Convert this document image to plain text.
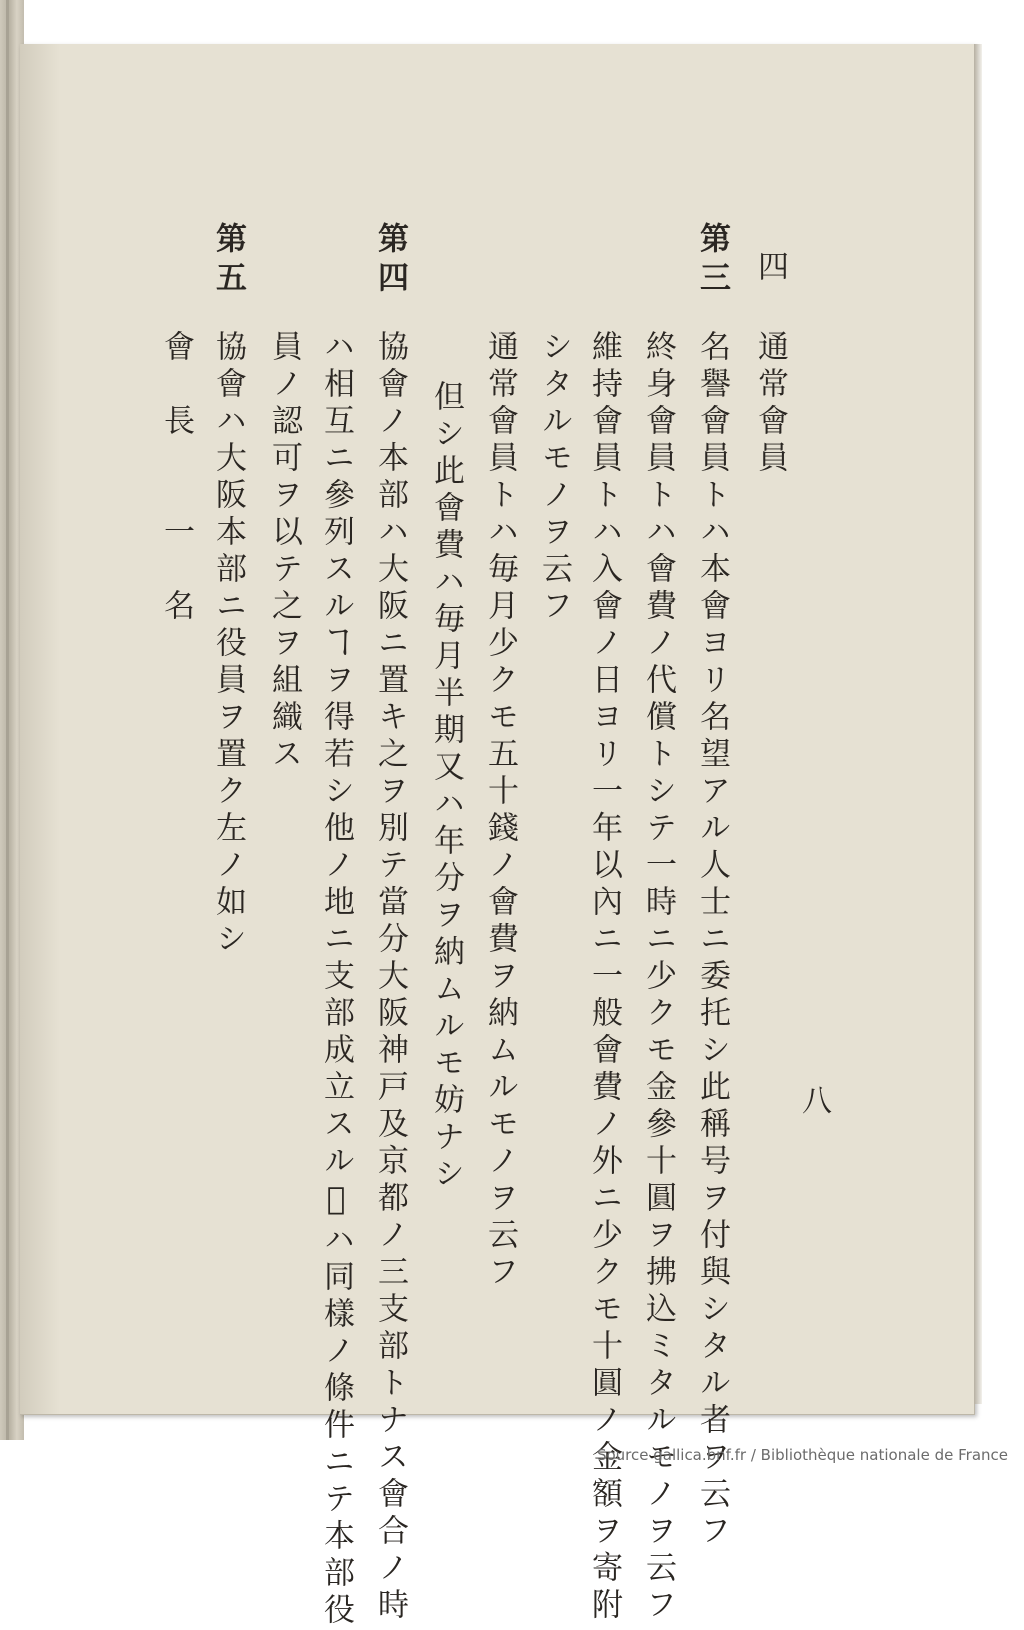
四
通常會員
第三
名譽會員トハ本會ヨリ名望アル人士ニ委托シ此稱号ヲ付與シタル者ヲ云フ
終身會員トハ會費ノ代償トシテ一時ニ少クモ金參十圓ヲ拂込ミタルモノヲ云フ
維持會員トハ入會ノ日ヨリ一年以內ニ一般會費ノ外ニ少クモ十圓ノ金額ヲ寄附
シタルモノヲ云フ
通常會員トハ毎月少クモ五十錢ノ會費ヲ納ムルモノヲ云フ
但シ此會費ハ毎月半期又ハ年分ヲ納ムルモ妨ナシ
第四
協會ノ本部ハ大阪ニ置キ之ヲ別テ當分大阪神戸及京都ノ三支部トナス會合ノ時
ハ相互ニ參列スルヿヲ得若シ他ノ地ニ支部成立スル𪜈ハ同樣ノ條件ニテ本部役
員ノ認可ヲ以テ之ヲ組織ス
第五
協會ハ大阪本部ニ役員ヲ置ク左ノ如シ
會　長　　一　名
八
Source gallica.bnf.fr / Bibliothèque nationale de France
